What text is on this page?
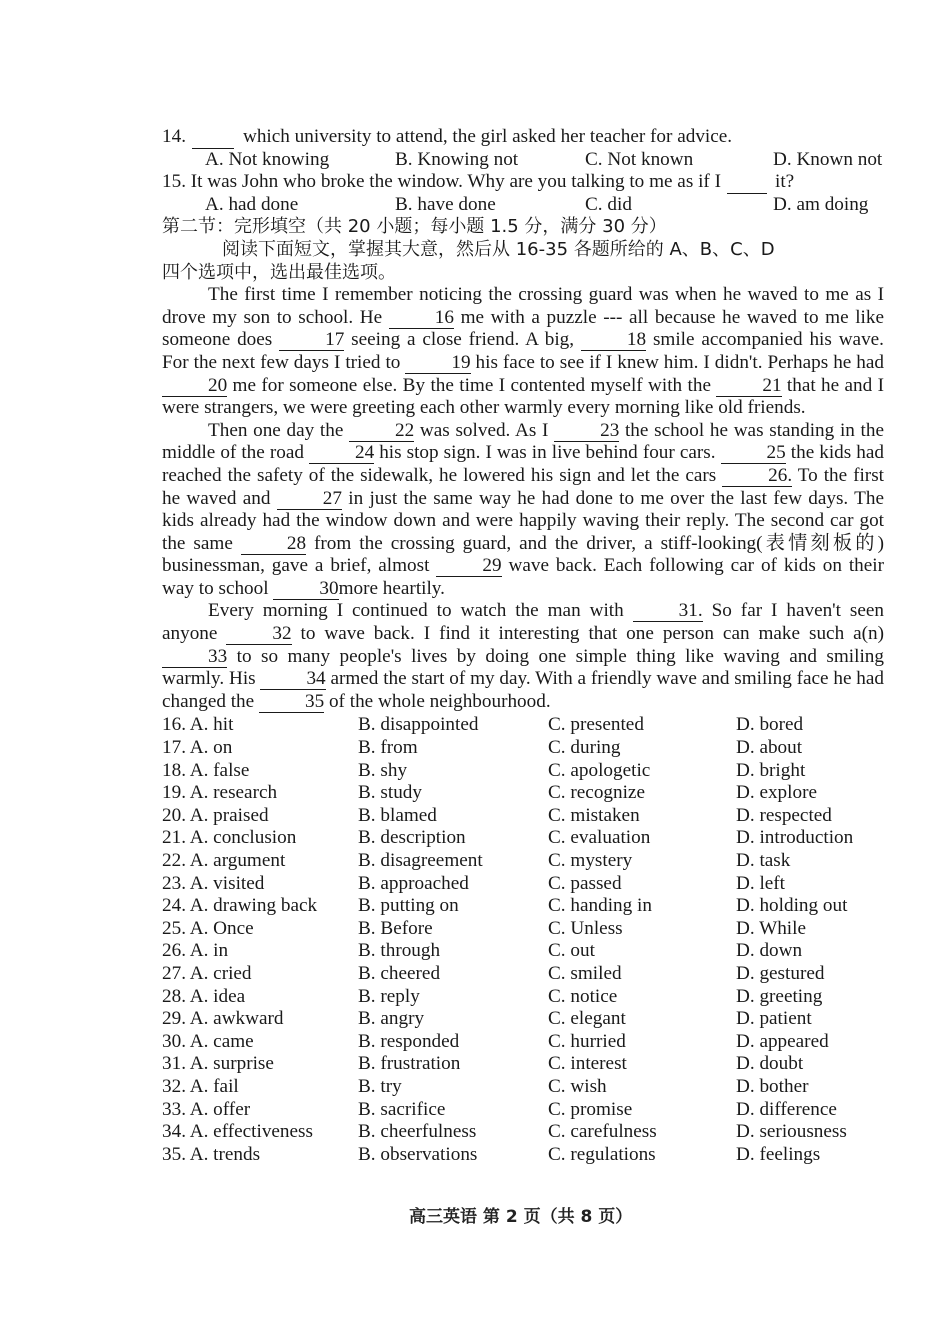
14.	which university to attend, the girl asked her teacher for advice.
A. Not knowing	B. Knowing not	C. Not known	D. Known not
15. It was John who broke the window. Why are you talking to me as if I	it?
A. had done	B. have done	C. did	D. am doing
第二节：完形填空（共 20 小题；每小题 1.5 分，满分 30 分）
阅读下面短文，掌握其大意，然后从 16-35 各题所给的 A、B、C、D
四个选项中，选出最佳选项。

The first time I remember noticing the crossing guard was when he waved to me as I drove my son to school. He 16 me with a puzzle --- all because he waved to me like someone does 17 seeing a close friend. A big, 18 smile accompanied his wave. For the next few days I tried to 19 his face to see if I knew him. I didn't. Perhaps he had 20 me for someone else. By the time I contented myself with the 21 that he and I were strangers, we were greeting each other warmly every morning like old friends.

Then one day the 22 was solved. As I 23 the school he was standing in the middle of the road 24 his stop sign. I was in live behind four cars. 25 the kids had reached the safety of the sidewalk, he lowered his sign and let the cars 26. To the first he waved and 27 in just the same way he had done to me over the last few days. The kids already had the window down and were happily waving their reply. The second car got the same 28 from the crossing guard, and the driver, a stiff-looking(表情刻板的) businessman, gave a brief, almost 29 wave back. Each following car of kids on their way to school 30more heartily.

Every morning I continued to watch the man with 31. So far I haven't seen anyone 32 to wave back. I find it interesting that one person can make such a(n) 33 to so many people's lives by doing one simple thing like waving and smiling warmly. His 34 armed the start of my day. With a friendly wave and smiling face he had changed the 35 of the whole neighbourhood.

16. A. hit	B. disappointed	C. presented	D. bored
17. A. on	B. from	C. during	D. about
18. A. false	B. shy	C. apologetic	D. bright
19. A. research	B. study	C. recognize	D. explore
20. A. praised	B. blamed	C. mistaken	D. respected
21. A. conclusion	B. description	C. evaluation	D. introduction
22. A. argument	B. disagreement	C. mystery	D. task
23. A. visited	B. approached	C. passed	D. left
24. A. drawing back	B. putting on	C. handing in	D. holding out
25. A. Once	B. Before	C. Unless	D. While
26. A. in	B. through	C. out	D. down
27. A. cried	B. cheered	C. smiled	D. gestured
28. A. idea	B. reply	C. notice	D. greeting
29. A. awkward	B. angry	C. elegant	D. patient
30. A. came	B. responded	C. hurried	D. appeared
31. A. surprise	B. frustration	C. interest	D. doubt
32. A. fail	B. try	C. wish	D. bother
33. A. offer	B. sacrifice	C. promise	D. difference
34. A. effectiveness	B. cheerfulness	C. carefulness	D. seriousness
35. A. trends	B. observations	C. regulations	D. feelings
高三英语 第 2 页（共 8 页）
